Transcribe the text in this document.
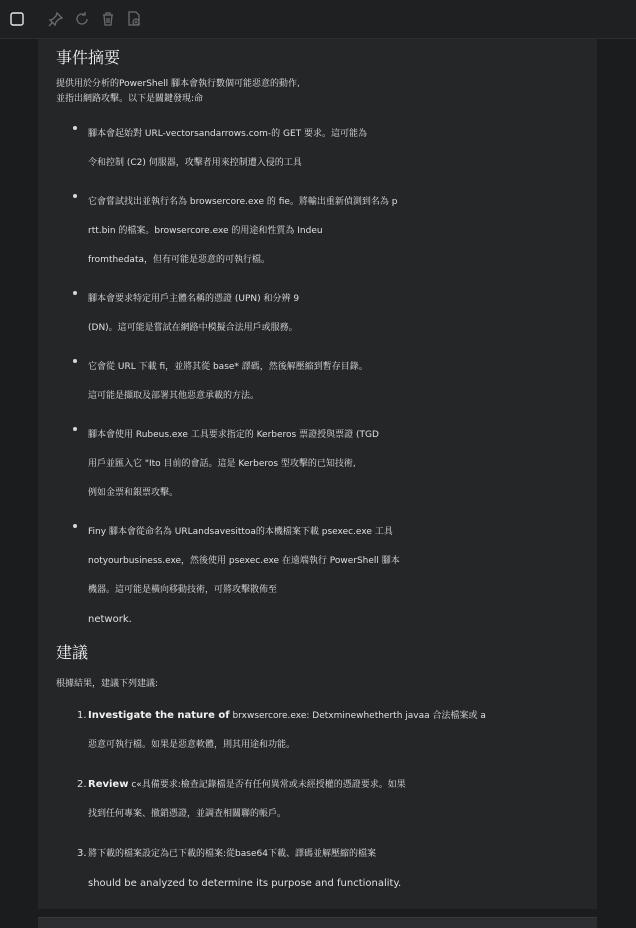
事件摘要
提供用於分析的PowerShell 腳本會執行數個可能惡意的動作,
並指出網路攻擊。以下是關鍵發現:命
腳本會起始對 URL-vectorsandarrows.com-的 GET 要求。這可能為
令和控制 (C2) 伺服器，攻擊者用來控制遭入侵的工具
它會嘗試找出並執行名為 browsercore.exe 的 fie。將輸出重新偵測到名為 p
rtt.bin 的檔案。browsercore.exe 的用途和性質為 Indeu
fromthedata，但有可能是惡意的可執行檔。
腳本會要求特定用戶主體名稱的憑證 (UPN) 和分辨 9
(DN)。這可能是嘗試在網路中模擬合法用戶或服務。
它會從 URL 下載 fi，並將其從 base* 譯碼，然後解壓縮到暫存目錄。
這可能是擷取及部署其他惡意承載的方法。
腳本會使用 Rubeus.exe 工具要求指定的 Kerberos 票證授與票證 (TGD
用戶並匯入它 "Ito 目前的會話。這是 Kerberos 型攻擊的已知技術,
例如金票和銀票攻擊。
Finy 腳本會從命名為 URLandsavesittoa的本機檔案下載 psexec.exe 工具
notyourbusiness.exe，然後使用 psexec.exe 在遠端執行 PowerShell 腳本
機器。這可能是橫向移動技術，可將攻擊散佈至
network.
建議
根據結果，建議下列建議:
1. Investigate the nature of brxwsercore.exe: Detxminewhetherth javaa 合法檔案或 a
惡意可執行檔。如果是惡意軟體，則其用途和功能。
2. Review c«具備要求:檢查記錄檔是否有任何異常或未經授權的憑證要求。如果
找到任何專案、撤銷憑證，並調查相關聯的帳戶。
3. 將下載的檔案設定為已下載的檔案:從base64下載、譯碼並解壓縮的檔案
should be analyzed to determine its purpose and functionality.
